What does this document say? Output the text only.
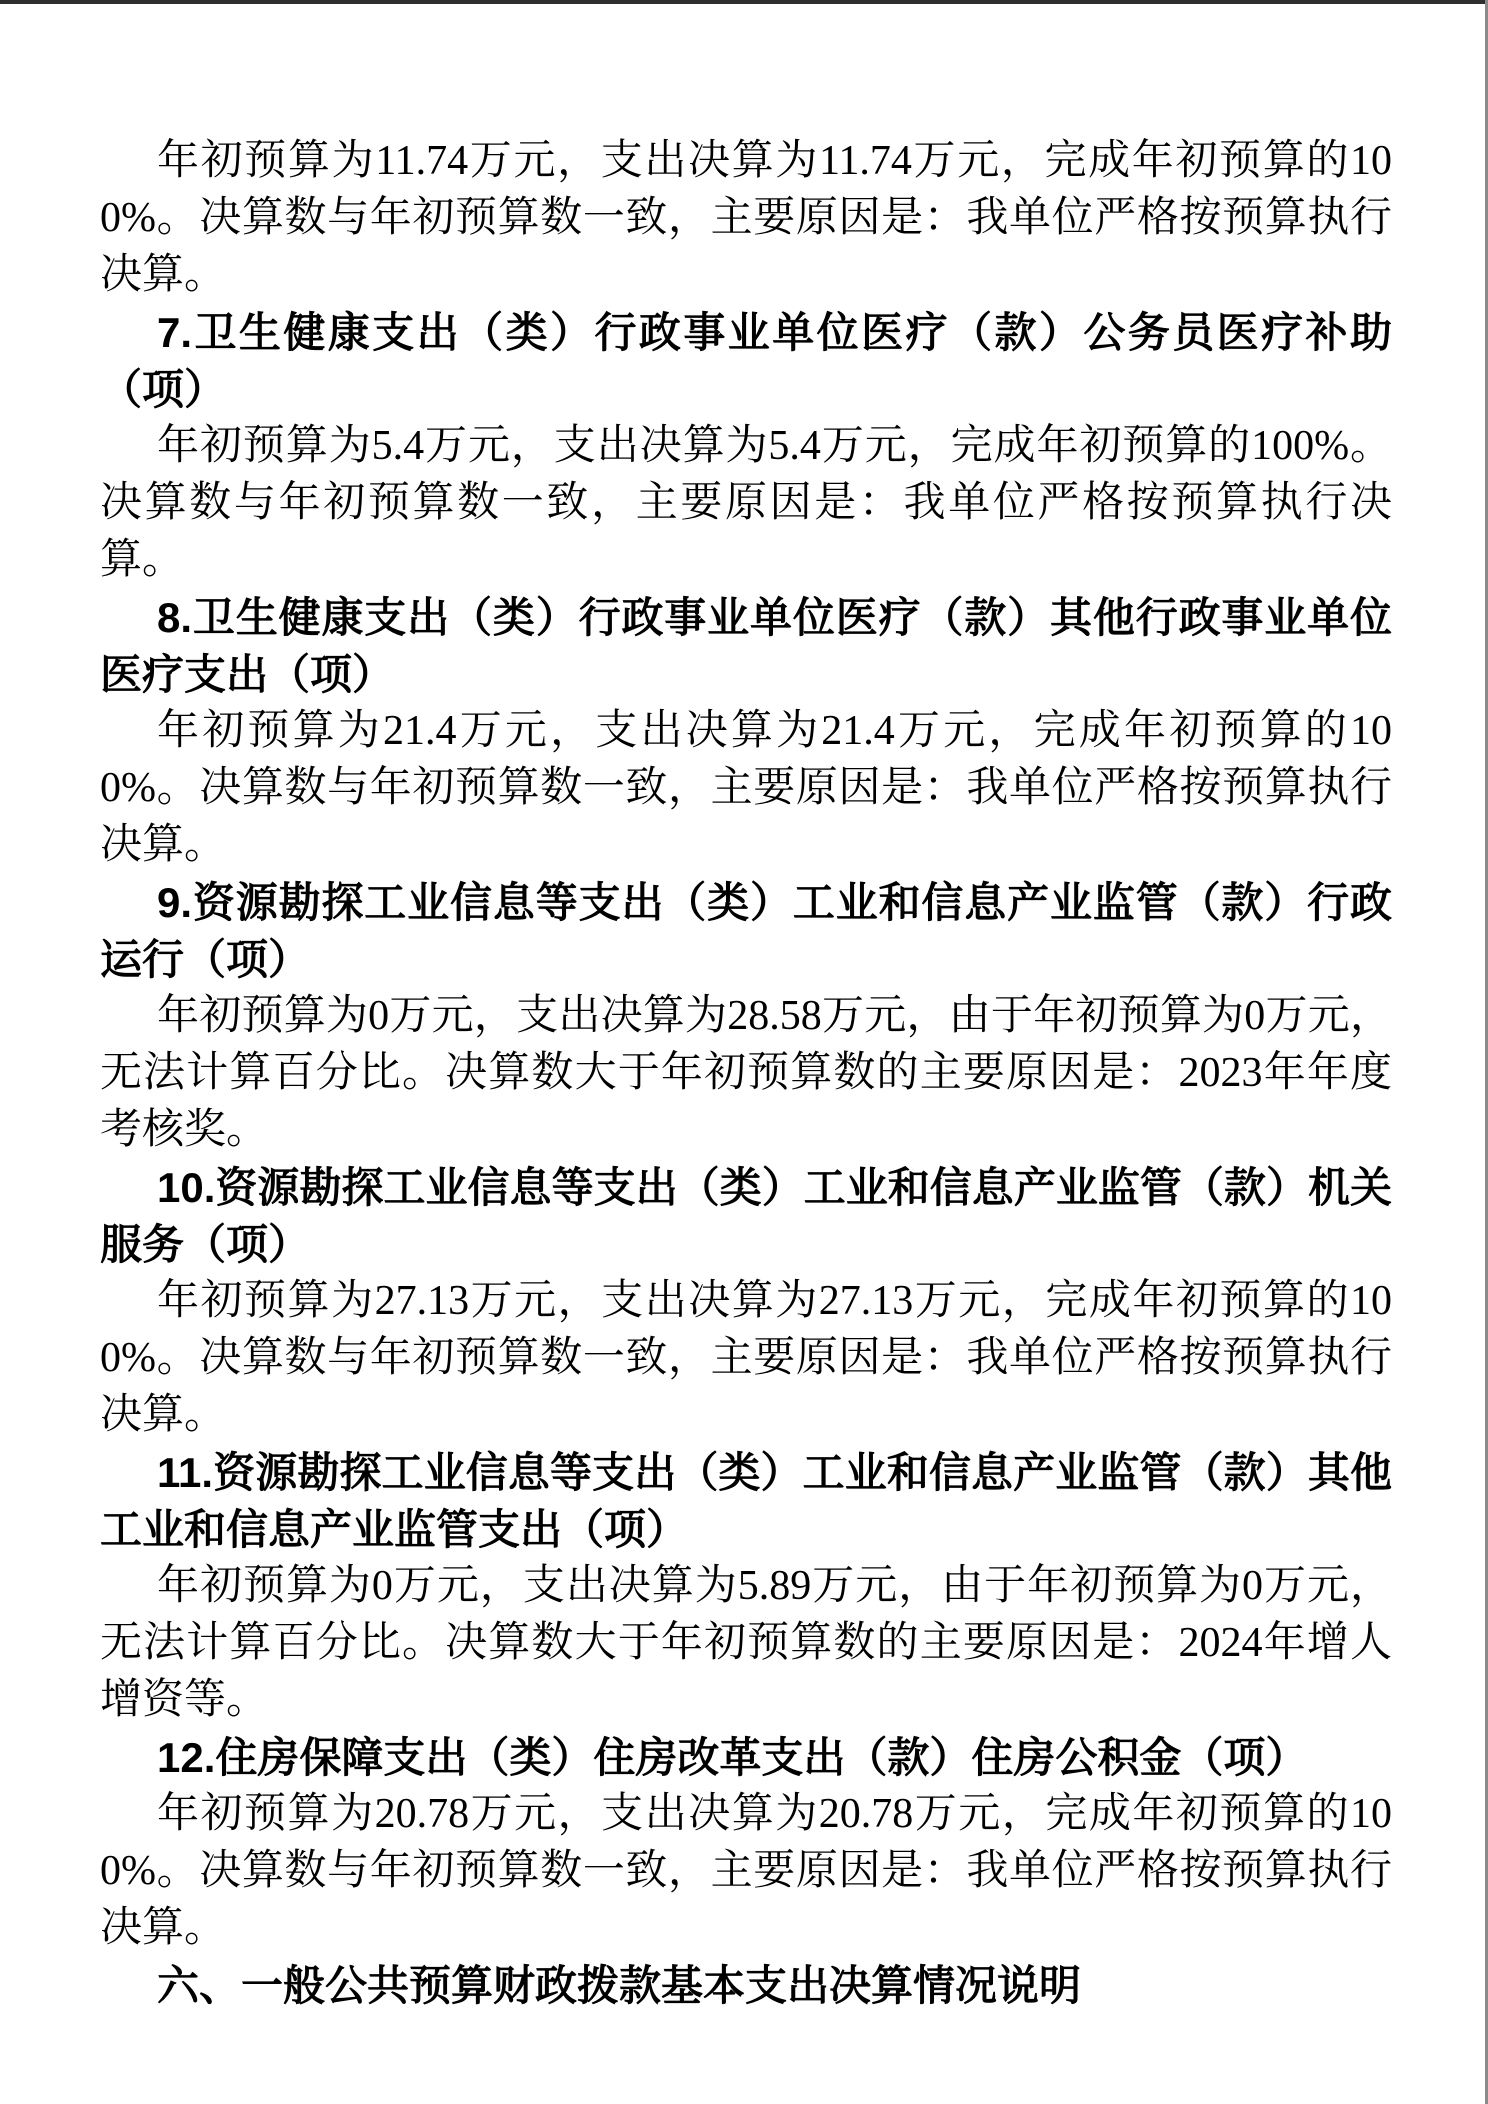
年初预算为11.74万元，支出决算为11.74万元，完成年初预算的100%。决算数与年初预算数一致，主要原因是：我单位严格按预算执行决算。

7.卫生健康支出（类）行政事业单位医疗（款）公务员医疗补助（项）

年初预算为5.4万元，支出决算为5.4万元，完成年初预算的100%。决算数与年初预算数一致，主要原因是：我单位严格按预算执行决算。

8.卫生健康支出（类）行政事业单位医疗（款）其他行政事业单位医疗支出（项）

年初预算为21.4万元，支出决算为21.4万元，完成年初预算的100%。决算数与年初预算数一致，主要原因是：我单位严格按预算执行决算。

9.资源勘探工业信息等支出（类）工业和信息产业监管（款）行政运行（项）

年初预算为0万元，支出决算为28.58万元，由于年初预算为0万元，无法计算百分比。决算数大于年初预算数的主要原因是：2023年年度考核奖。

10.资源勘探工业信息等支出（类）工业和信息产业监管（款）机关服务（项）

年初预算为27.13万元，支出决算为27.13万元，完成年初预算的100%。决算数与年初预算数一致，主要原因是：我单位严格按预算执行决算。

11.资源勘探工业信息等支出（类）工业和信息产业监管（款）其他工业和信息产业监管支出（项）

年初预算为0万元，支出决算为5.89万元，由于年初预算为0万元，无法计算百分比。决算数大于年初预算数的主要原因是：2024年增人增资等。

12.住房保障支出（类）住房改革支出（款）住房公积金（项）

年初预算为20.78万元，支出决算为20.78万元，完成年初预算的100%。决算数与年初预算数一致，主要原因是：我单位严格按预算执行决算。

六、一般公共预算财政拨款基本支出决算情况说明
